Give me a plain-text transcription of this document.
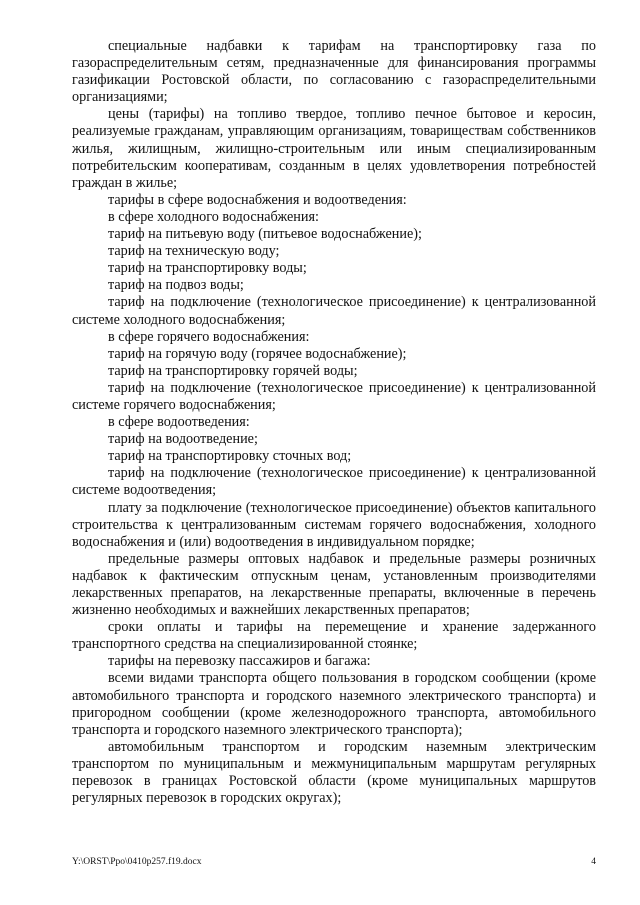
специальные надбавки к тарифам на транспортировку газа по газораспределительным сетям, предназначенные для финансирования программы газификации Ростовской области, по согласованию с газораспределительными организациями;

цены (тарифы) на топливо твердое, топливо печное бытовое и керосин, реализуемые гражданам, управляющим организациям, товариществам собственников жилья, жилищным, жилищно-строительным или иным специализированным потребительским кооперативам, созданным в целях удовлетворения потребностей граждан в жилье;

тарифы в сфере водоснабжения и водоотведения:

в сфере холодного водоснабжения:

тариф на питьевую воду (питьевое водоснабжение);

тариф на техническую воду;

тариф на транспортировку воды;

тариф на подвоз воды;

тариф на подключение (технологическое присоединение) к централизованной системе холодного водоснабжения;

в сфере горячего водоснабжения:

тариф на горячую воду (горячее водоснабжение);

тариф на транспортировку горячей воды;

тариф на подключение (технологическое присоединение) к централизованной системе горячего водоснабжения;

в сфере водоотведения:

тариф на водоотведение;

тариф на транспортировку сточных вод;

тариф на подключение (технологическое присоединение) к централизованной системе водоотведения;

плату за подключение (технологическое присоединение) объектов капитального строительства к централизованным системам горячего водоснабжения, холодного водоснабжения и (или) водоотведения в индивидуальном порядке;

предельные размеры оптовых надбавок и предельные размеры розничных надбавок к фактическим отпускным ценам, установленным производителями лекарственных препаратов, на лекарственные препараты, включенные в перечень жизненно необходимых и важнейших лекарственных препаратов;

сроки оплаты и тарифы на перемещение и хранение задержанного транспортного средства на специализированной стоянке;

тарифы на перевозку пассажиров и багажа:

всеми видами транспорта общего пользования в городском сообщении (кроме автомобильного транспорта и городского наземного электрического транспорта) и пригородном сообщении (кроме железнодорожного транспорта, автомобильного транспорта и городского наземного электрического транспорта);

автомобильным транспортом и городским наземным электрическим транспортом по муниципальным и межмуниципальным маршрутам регулярных перевозок в границах Ростовской области (кроме муниципальных маршрутов регулярных перевозок в городских округах);

Y:\ORST\Ppo\0410p257.f19.docx	4
